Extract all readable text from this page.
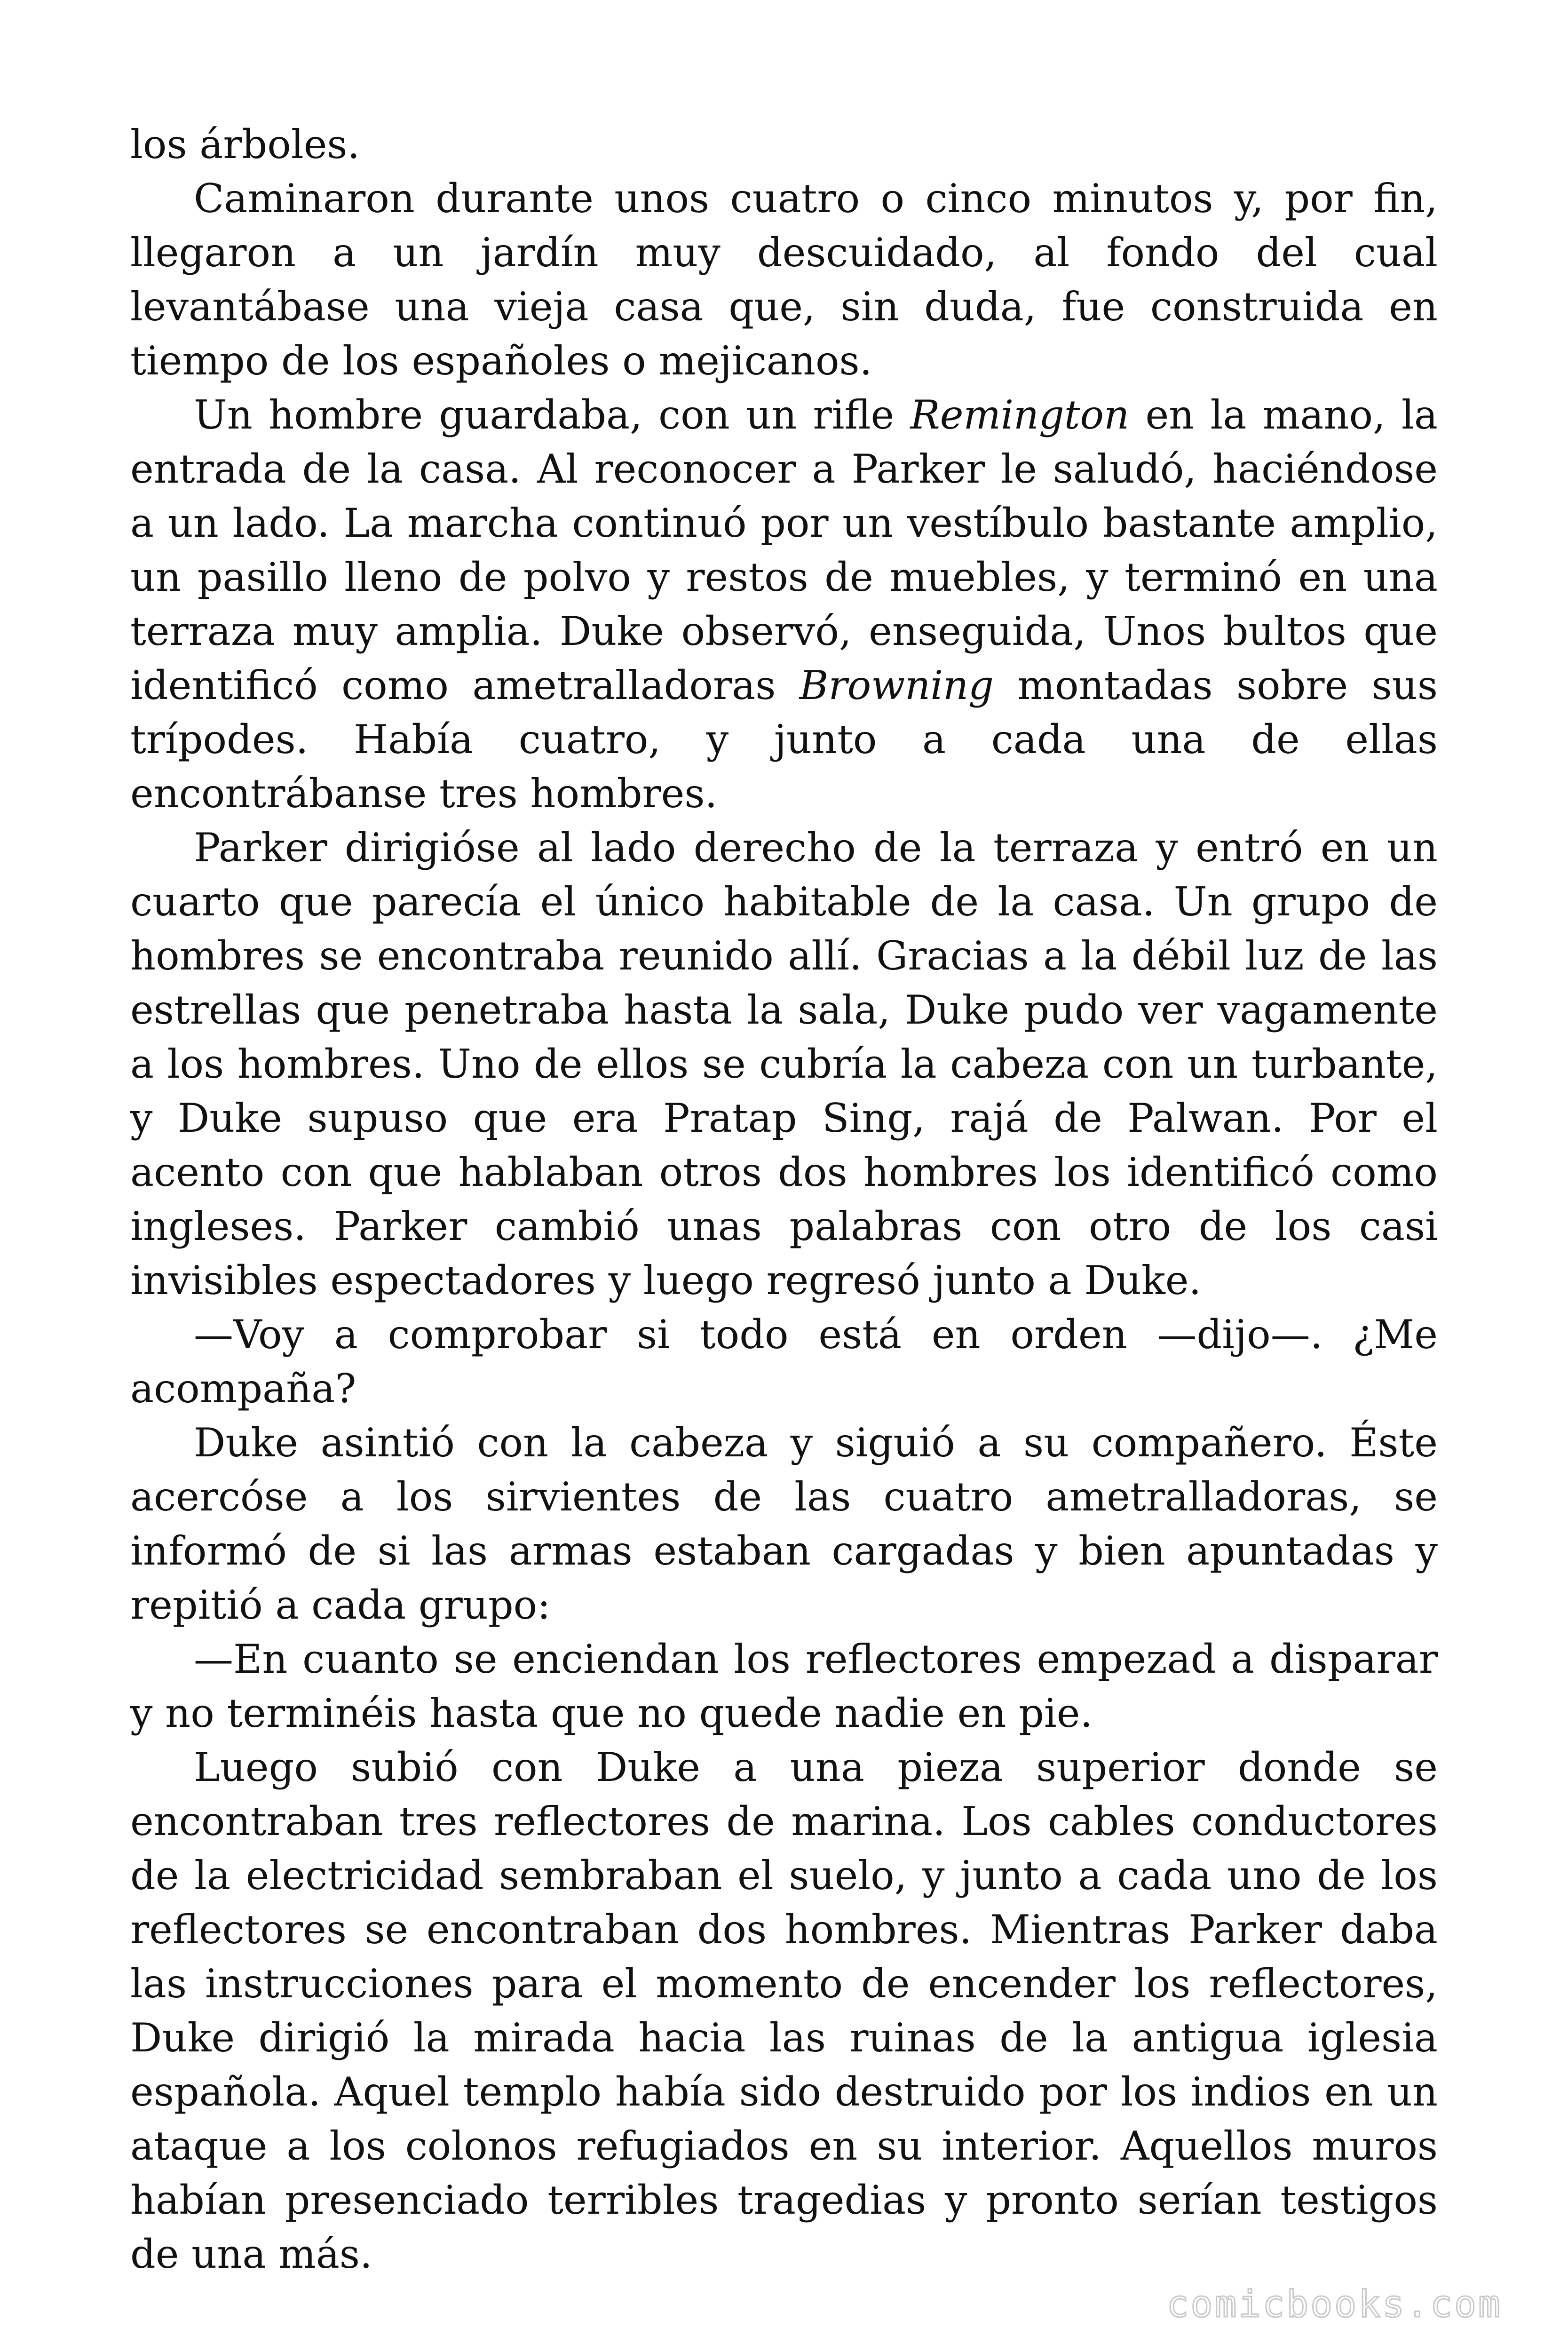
los árboles.

Caminaron durante unos cuatro o cinco minutos y, por fin, llegaron a un jardín muy descuidado, al fondo del cual levantábase una vieja casa que, sin duda, fue construida en tiempo de los españoles o mejicanos.

Un hombre guardaba, con un rifle Remington en la mano, la entrada de la casa. Al reconocer a Parker le saludó, haciéndose a un lado. La marcha continuó por un vestíbulo bastante amplio, un pasillo lleno de polvo y restos de muebles, y terminó en una terraza muy amplia. Duke observó, enseguida, Unos bultos que identificó como ametralladoras Browning montadas sobre sus trípodes. Había cuatro, y junto a cada una de ellas encontrábanse tres hombres.

Parker dirigióse al lado derecho de la terraza y entró en un cuarto que parecía el único habitable de la casa. Un grupo de hombres se encontraba reunido allí. Gracias a la débil luz de las estrellas que penetraba hasta la sala, Duke pudo ver vagamente a los hombres. Uno de ellos se cubría la cabeza con un turbante, y Duke supuso que era Pratap Sing, rajá de Palwan. Por el acento con que hablaban otros dos hombres los identificó como ingleses. Parker cambió unas palabras con otro de los casi invisibles espectadores y luego regresó junto a Duke.

—Voy a comprobar si todo está en orden —dijo—. ¿Me acompaña?

Duke asintió con la cabeza y siguió a su compañero. Éste acercóse a los sirvientes de las cuatro ametralladoras, se informó de si las armas estaban cargadas y bien apuntadas y repitió a cada grupo:

—En cuanto se enciendan los reflectores empezad a disparar y no terminéis hasta que no quede nadie en pie.

Luego subió con Duke a una pieza superior donde se encontraban tres reflectores de marina. Los cables conductores de la electricidad sembraban el suelo, y junto a cada uno de los reflectores se encontraban dos hombres. Mientras Parker daba las instrucciones para el momento de encender los reflectores, Duke dirigió la mirada hacia las ruinas de la antigua iglesia española. Aquel templo había sido destruido por los indios en un ataque a los colonos refugiados en su interior. Aquellos muros habían presenciado terribles tragedias y pronto serían testigos de una más.

comicbooks.com
